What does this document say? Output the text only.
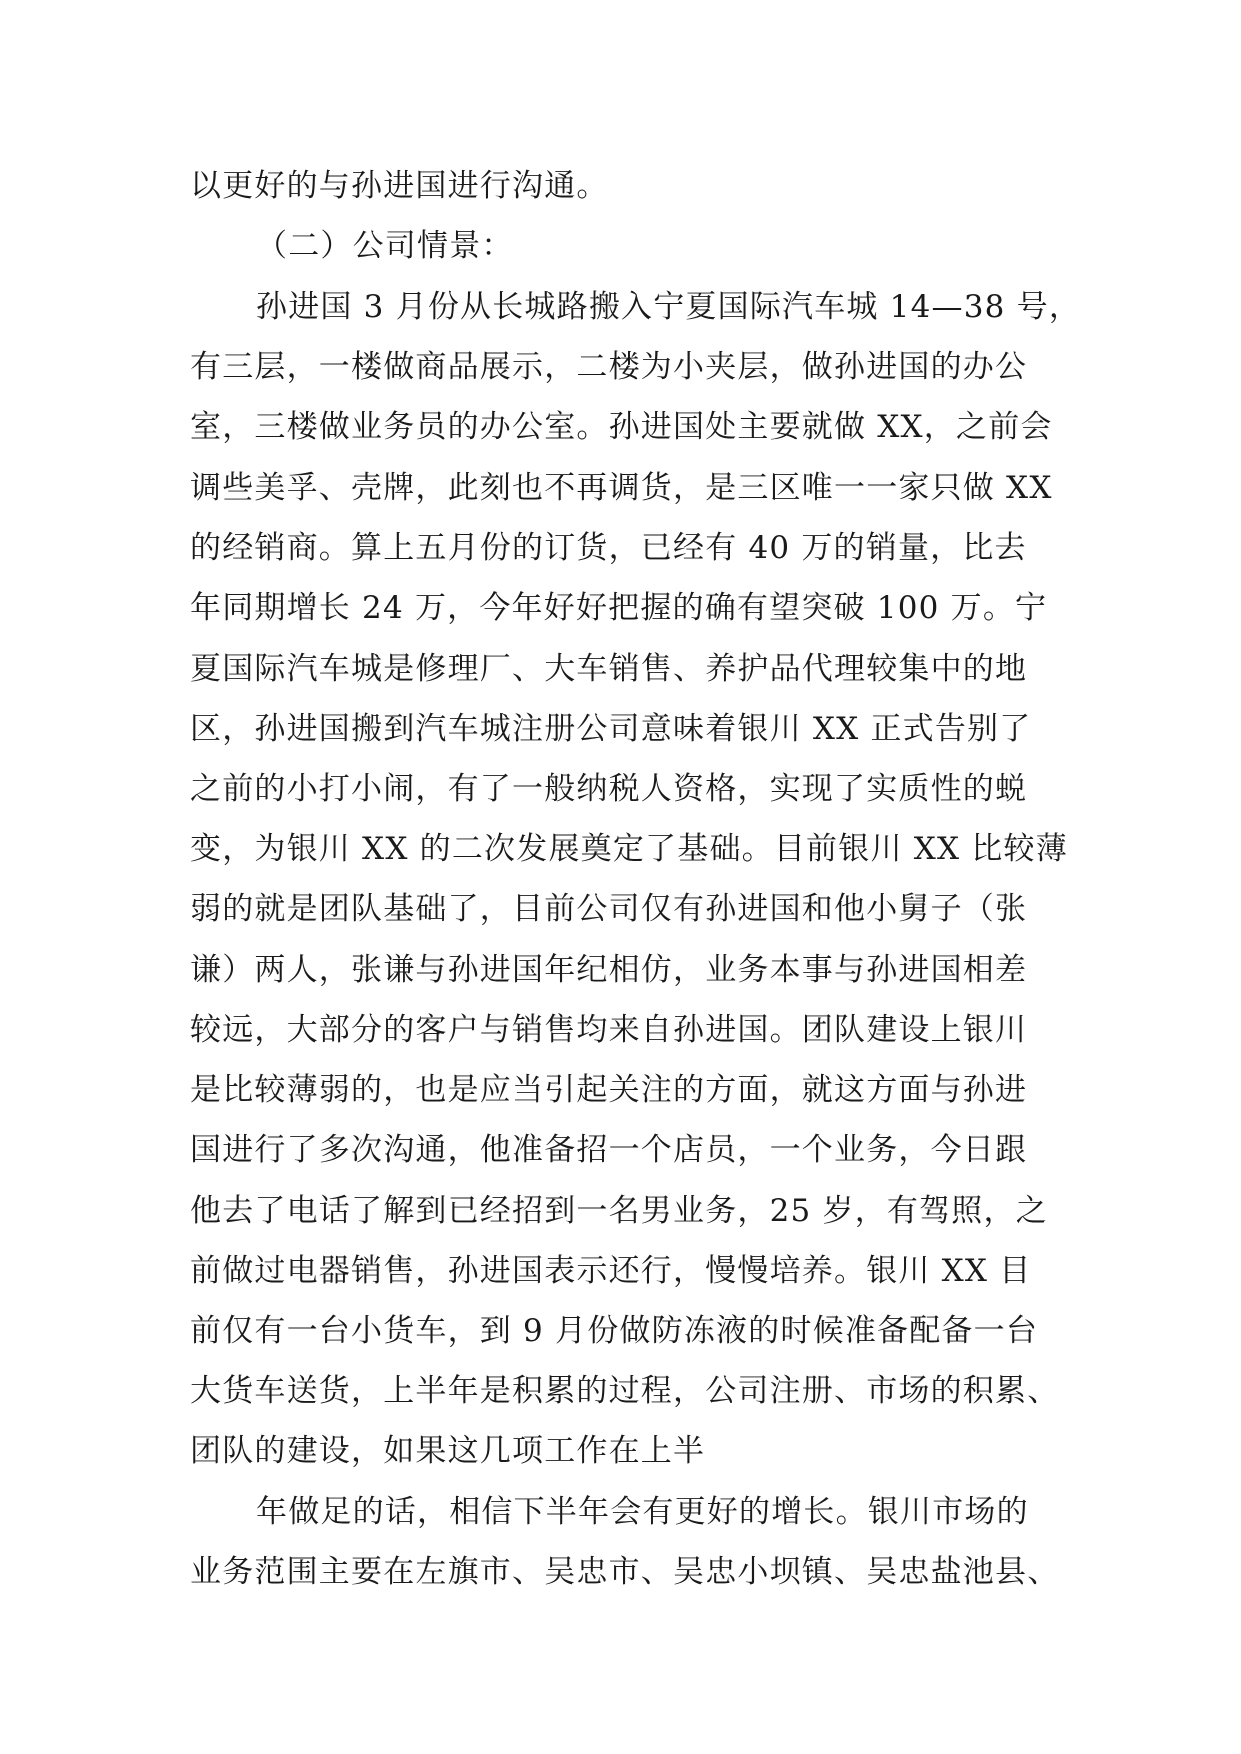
以更好的与孙进国进行沟通。
（二）公司情景：
孙进国 3 月份从长城路搬入宁夏国际汽车城 14—38 号，
有三层，一楼做商品展示，二楼为小夹层，做孙进国的办公
室，三楼做业务员的办公室。孙进国处主要就做 XX，之前会
调些美孚、壳牌，此刻也不再调货，是三区唯一一家只做 XX
的经销商。算上五月份的订货，已经有 40 万的销量，比去
年同期增长 24 万，今年好好把握的确有望突破 100 万。宁
夏国际汽车城是修理厂、大车销售、养护品代理较集中的地
区，孙进国搬到汽车城注册公司意味着银川 XX 正式告别了
之前的小打小闹，有了一般纳税人资格，实现了实质性的蜕
变，为银川 XX 的二次发展奠定了基础。目前银川 XX 比较薄
弱的就是团队基础了，目前公司仅有孙进国和他小舅子（张
谦）两人，张谦与孙进国年纪相仿，业务本事与孙进国相差
较远，大部分的客户与销售均来自孙进国。团队建设上银川
是比较薄弱的，也是应当引起关注的方面，就这方面与孙进
国进行了多次沟通，他准备招一个店员，一个业务，今日跟
他去了电话了解到已经招到一名男业务，25 岁，有驾照，之
前做过电器销售，孙进国表示还行，慢慢培养。银川 XX 目
前仅有一台小货车，到 9 月份做防冻液的时候准备配备一台
大货车送货，上半年是积累的过程，公司注册、市场的积累、
团队的建设，如果这几项工作在上半
年做足的话，相信下半年会有更好的增长。银川市场的
业务范围主要在左旗市、吴忠市、吴忠小坝镇、吴忠盐池县、
